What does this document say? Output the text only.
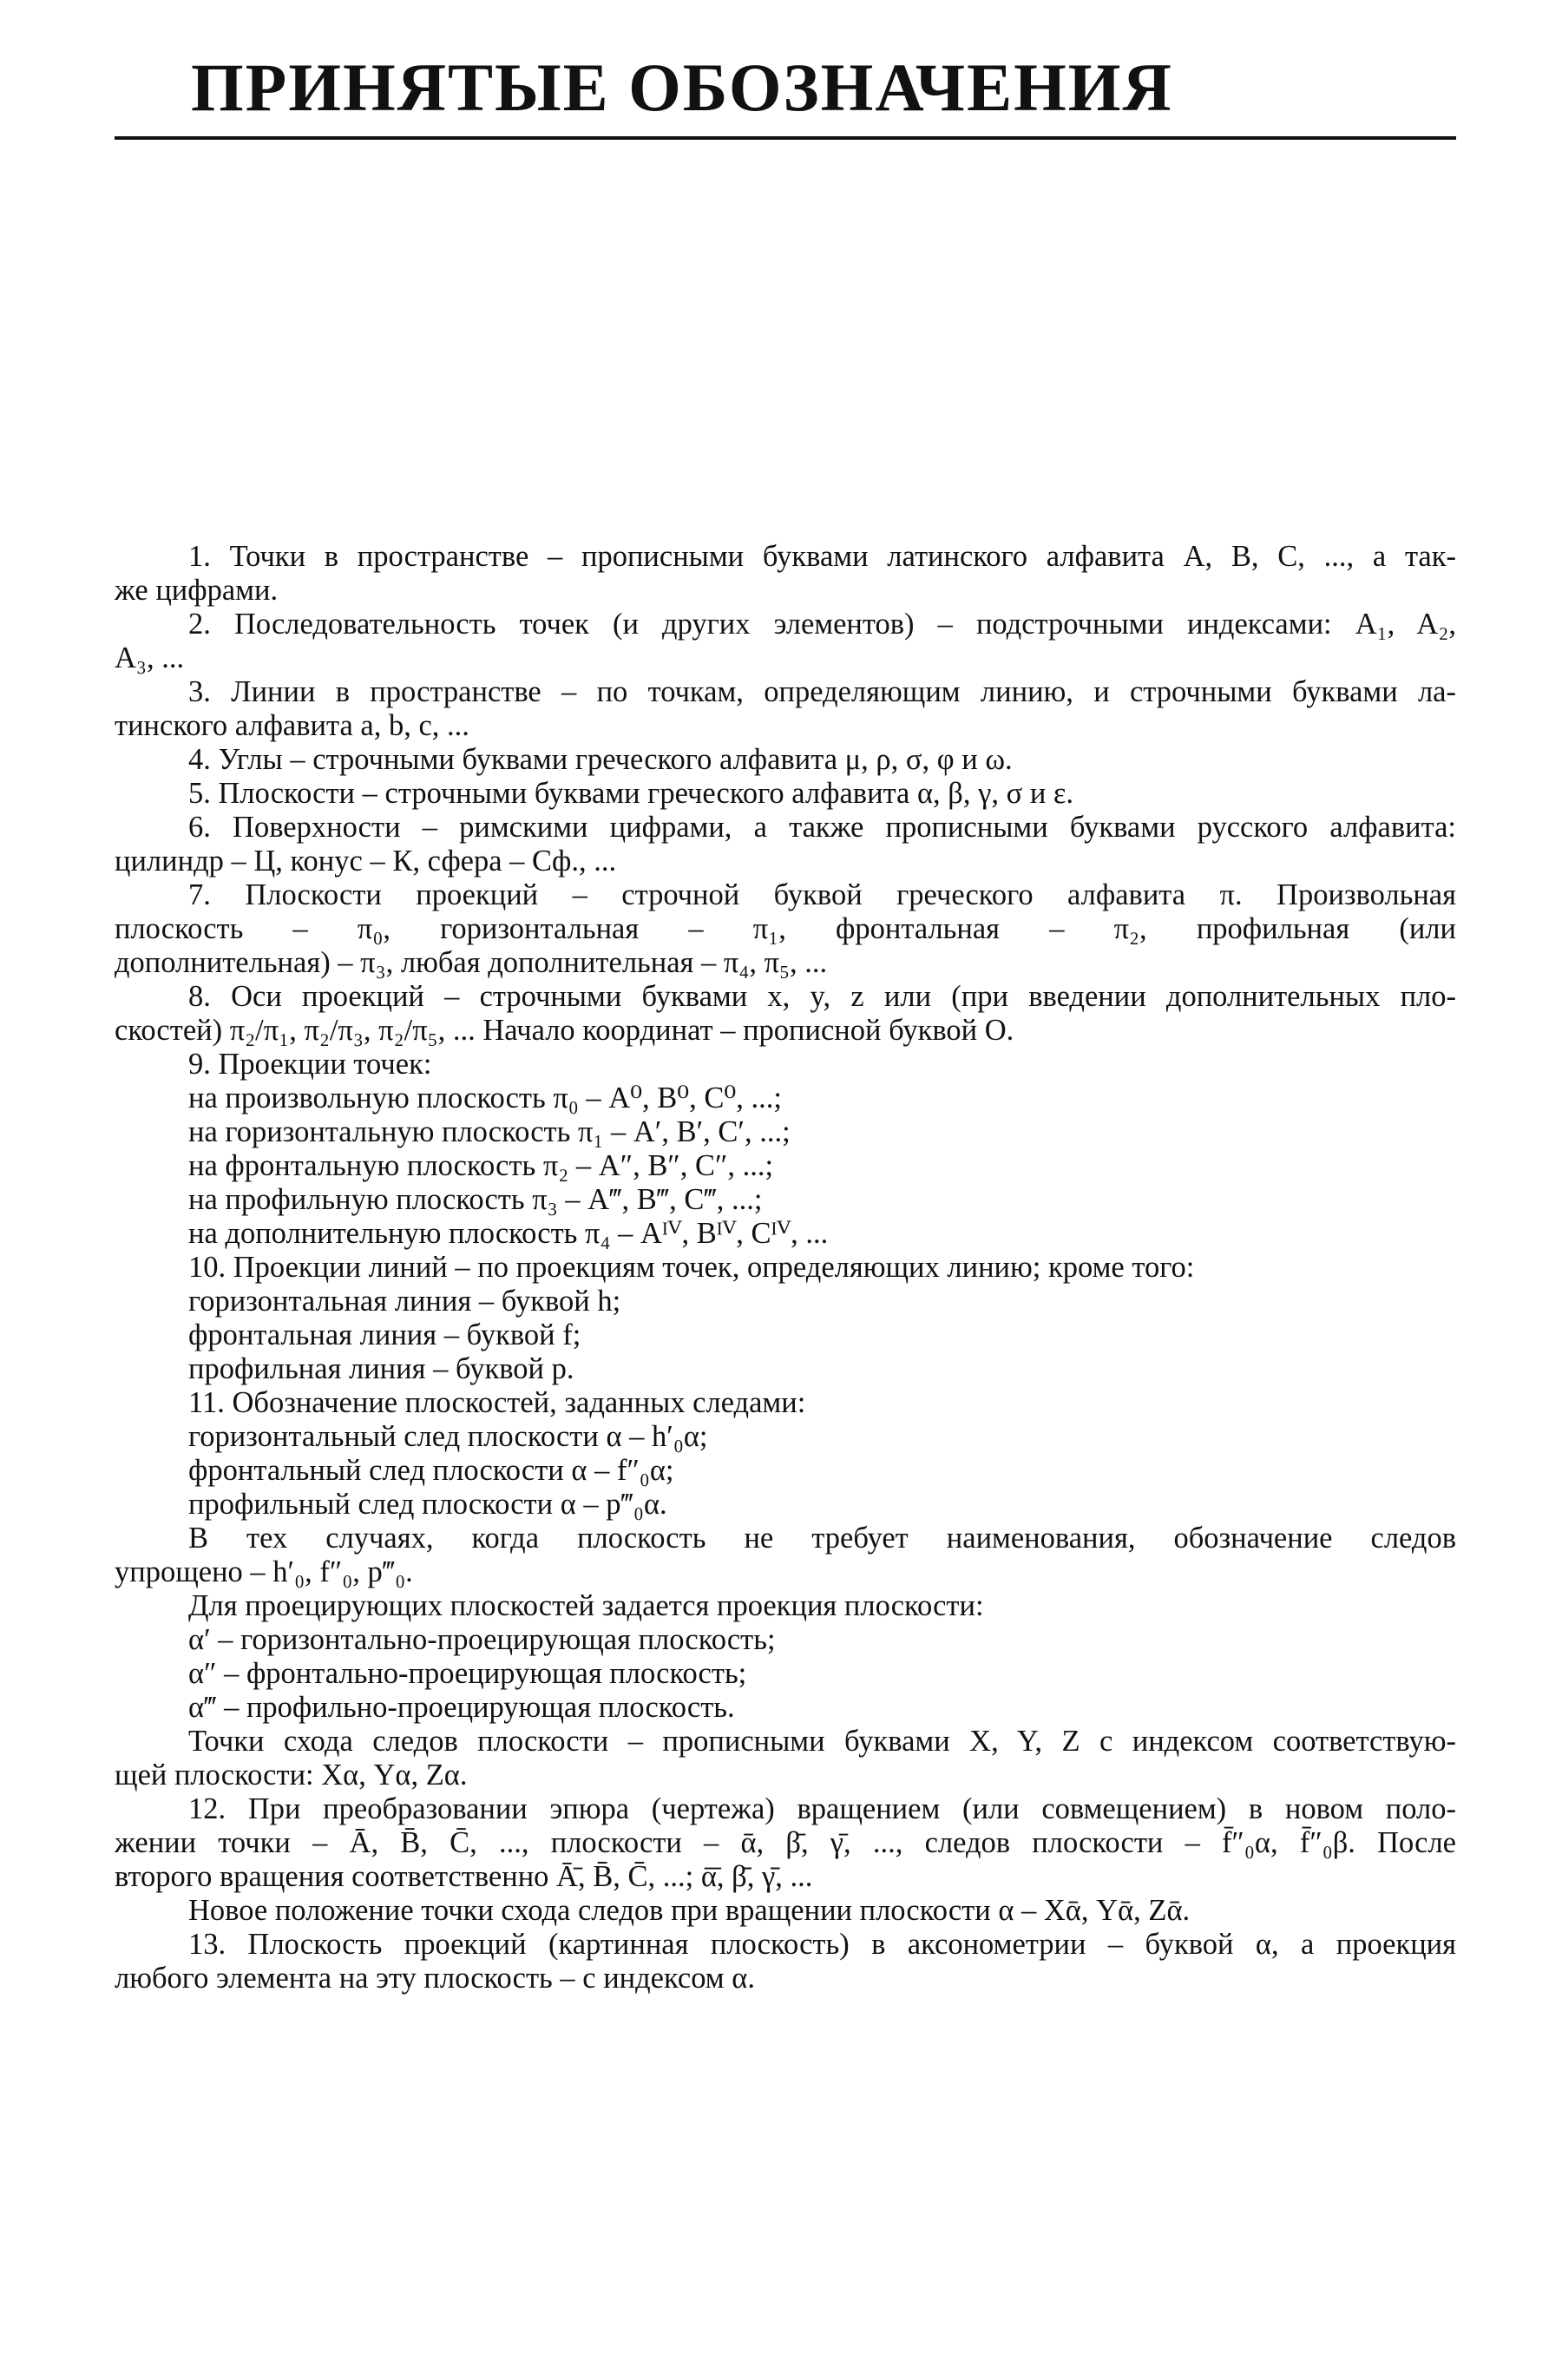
ПРИНЯТЫЕ ОБОЗНАЧЕНИЯ
1. Точки в пространстве – прописными буквами латинского алфавита A, B, C, ..., а так-
же цифрами.
2. Последовательность точек (и других элементов) – подстрочными индексами: A₁, A₂,
A₃, ...
3. Линии в пространстве – по точкам, определяющим линию, и строчными буквами ла-
тинского алфавита a, b, c, ...
4. Углы – строчными буквами греческого алфавита μ, ρ, σ, φ и ω.
5. Плоскости – строчными буквами греческого алфавита α, β, γ, σ и ε.
6. Поверхности – римскими цифрами, а также прописными буквами русского алфавита:
цилиндр – Ц, конус – К, сфера – Сф., ...
7. Плоскости проекций – строчной буквой греческого алфавита π. Произвольная
плоскость – π₀, горизонтальная – π₁, фронтальная – π₂, профильная (или
дополнительная) – π₃, любая дополнительная – π₄, π₅, ...
8. Оси проекций – строчными буквами x, y, z или (при введении дополнительных пло-
скостей) π₂/π₁, π₂/π₃, π₂/π₅, ... Начало координат – прописной буквой O.
9. Проекции точек:
на произвольную плоскость π₀ – A⁰, B⁰, C⁰, ...;
на горизонтальную плоскость π₁ – A′, B′, C′, ...;
на фронтальную плоскость π₂ – A″, B″, C″, ...;
на профильную плоскость π₃ – A‴, B‴, C‴, ...;
на дополнительную плоскость π₄ – Aᴵⱽ, Bᴵⱽ, Cᴵⱽ, ...
10. Проекции линий – по проекциям точек, определяющих линию; кроме того:
горизонтальная линия – буквой h;
фронтальная линия – буквой f;
профильная линия – буквой p.
11. Обозначение плоскостей, заданных следами:
горизонтальный след плоскости α – h′₀α;
фронтальный след плоскости α – f″₀α;
профильный след плоскости α – p‴₀α.
В тех случаях, когда плоскость не требует наименования, обозначение следов
упрощено – h′₀, f″₀, p‴₀.
Для проецирующих плоскостей задается проекция плоскости:
α′ – горизонтально-проецирующая плоскость;
α″ – фронтально-проецирующая плоскость;
α‴ – профильно-проецирующая плоскость.
Точки схода следов плоскости – прописными буквами X, Y, Z с индексом соответствую-
щей плоскости: Xα, Yα, Zα.
12. При преобразовании эпюра (чертежа) вращением (или совмещением) в новом поло-
жении точки – Ā, B̄, C̄, ..., плоскости – ᾱ, β̄, γ̄, ..., следов плоскости – f̄″₀α, f̄″₀β. После
второго вращения соответственно Ā̄, B̄̄, C̄̄, ...; ᾱ̄, β̄̄, γ̄̄, ...
Новое положение точки схода следов при вращении плоскости α – Xᾱ, Yᾱ, Zᾱ.
13. Плоскость проекций (картинная плоскость) в аксонометрии – буквой α, а проекция
любого элемента на эту плоскость – с индексом α.
